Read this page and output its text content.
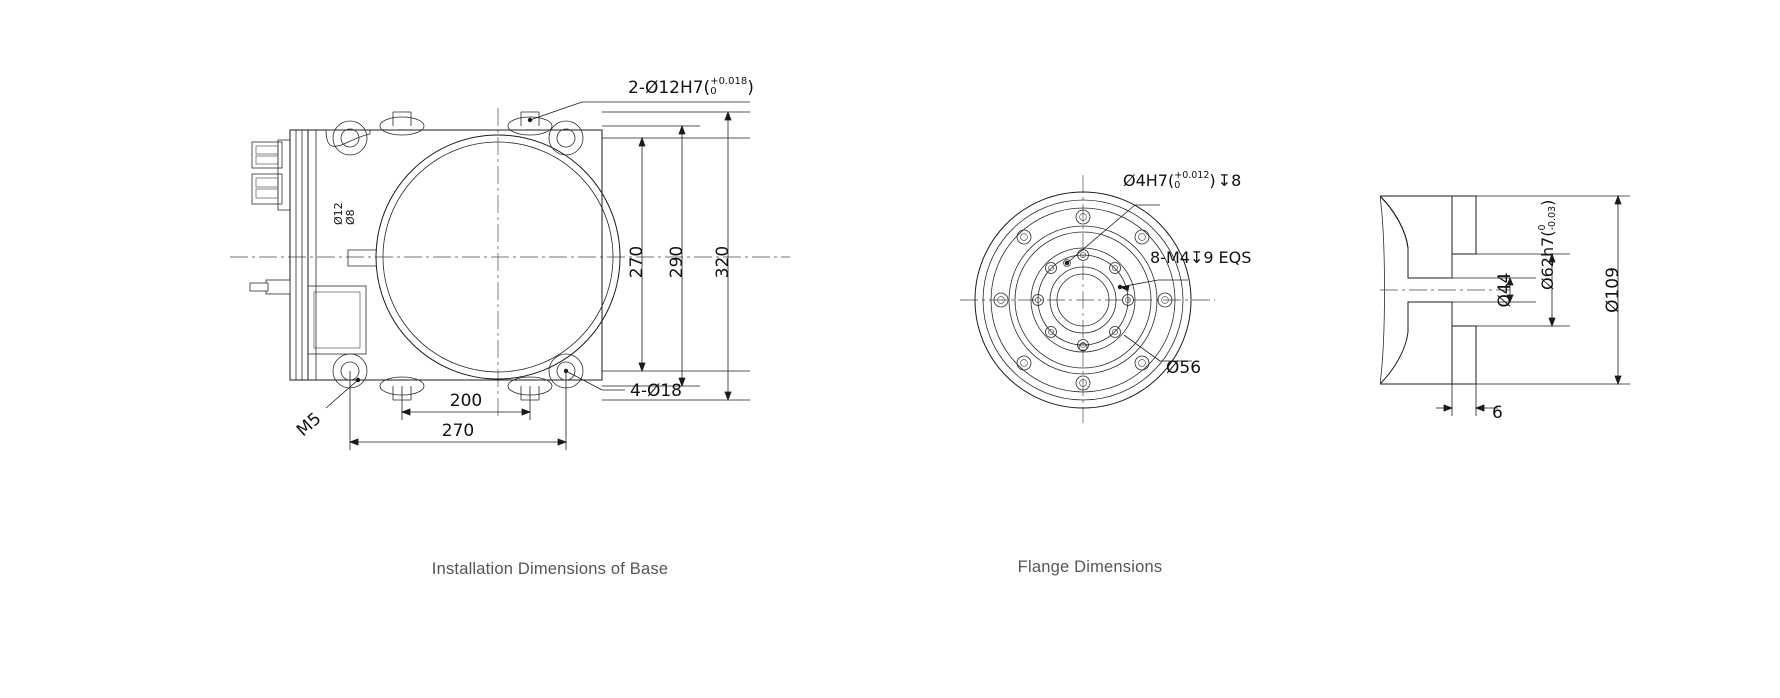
Ø12 Ø8
270 290 320
200
270
M5
4-Ø18
2-Ø12H7( +0.018
0	)
Installation Dimensions of Base
Ø56
Ø4H7( +0.012
0	) ↧8
8-M4↧9 EQS
Flange Dimensions
Ø44	Ø109
6
Ø62h7(
0
-0.03
)
